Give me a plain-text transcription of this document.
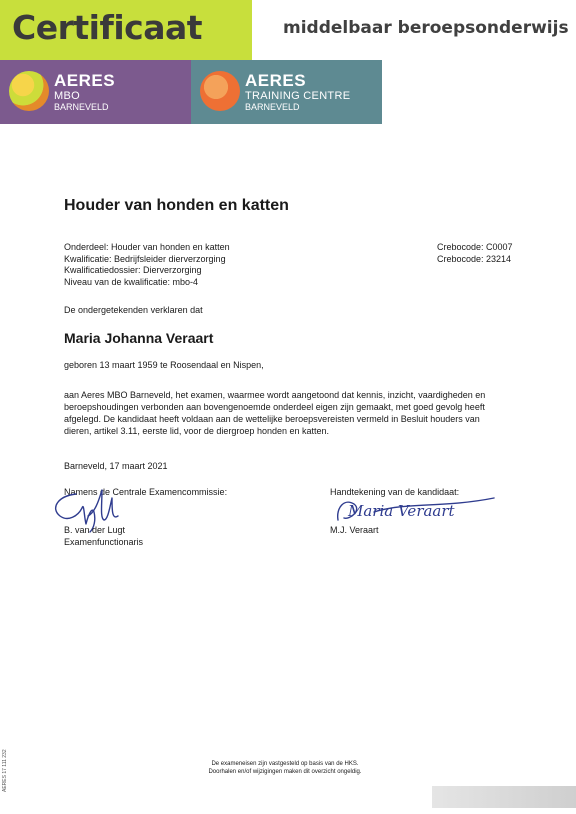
Certificaat	middelbaar beroepsonderwijs
AERES
MBO
BARNEVELD
AERES
TRAINING CENTRE
BARNEVELD
Houder van honden en katten
Onderdeel: Houder van honden en katten
Kwalificatie: Bedrijfsleider dierverzorging
Kwalificatiedossier: Dierverzorging
Niveau van de kwalificatie: mbo-4
Crebocode: C0007
Crebocode: 23214
De ondergetekenden verklaren dat
Maria Johanna Veraart
geboren 13 maart 1959 te Roosendaal en Nispen,
aan Aeres MBO Barneveld, het examen, waarmee wordt aangetoond dat kennis, inzicht, vaardigheden en
beroepshoudingen verbonden aan bovengenoemde onderdeel eigen zijn gemaakt, met goed gevolg heeft
afgelegd. De kandidaat heeft voldaan aan de wettelijke beroepsvereisten vermeld in Besluit houders van
dieren, artikel 3.11, eerste lid, voor de diergroep honden en katten.
Barneveld, 17 maart 2021
Namens de Centrale Examencommissie:	Handtekening van de kandidaat:
Maria Veraart
B. van der Lugt
Examenfunctionaris
M.J. Veraart
De exameneisen zijn vastgesteld op basis van de HKS.
Doorhalen en/of wijzigingen maken dit overzicht ongeldig.
AERES 17 111 232
